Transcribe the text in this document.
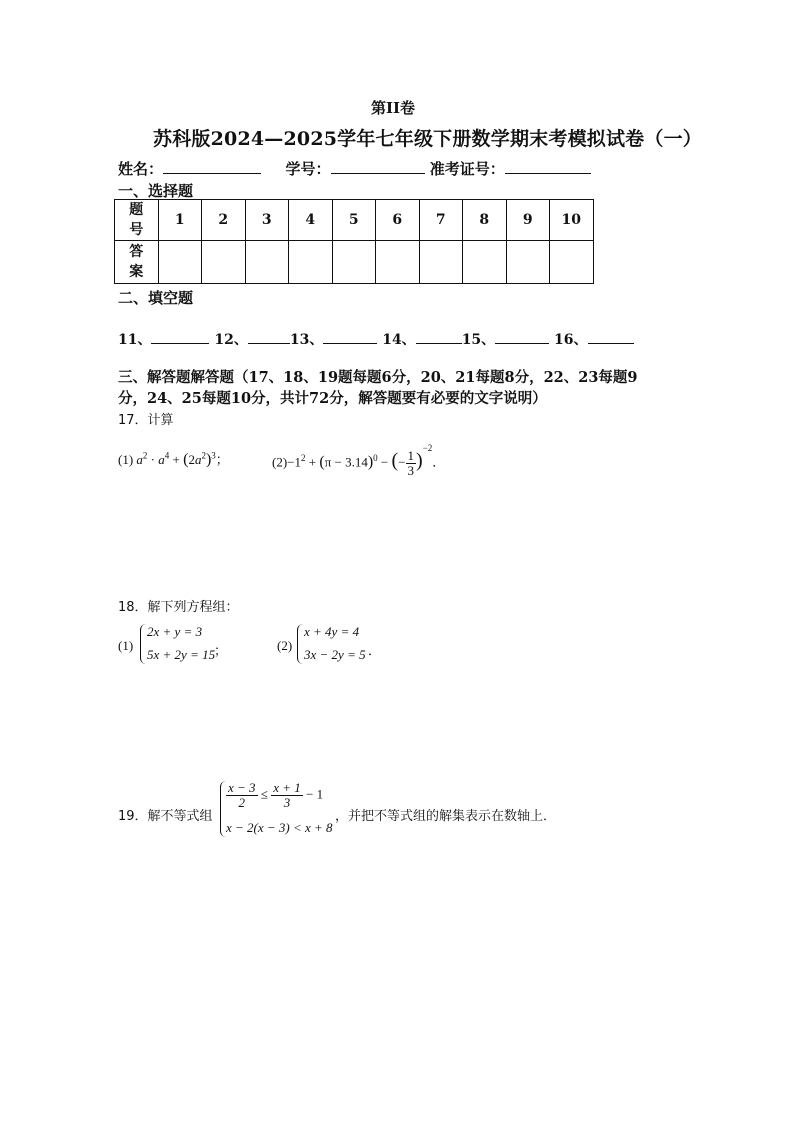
第II卷
苏科版2024—2025学年七年级下册数学期末考模拟试卷（一）
姓名：	学号：	准考证号：
一、选择题
题号	1	2	3	4	5	6	7	8	9	10
答案										
二、填空题
11、	12、	13、	14、	15、	16、
三、解答题解答题（17、18、19题每题6分，20、21每题8分，22、23每题9
分，24、25每题10分，共计72分，解答题要有必要的文字说明）
17．计算
(1) $a^2 \cdot a^4 + (2a^2)^3$；	$(2)-1^2 + (\pi - 3.14)^0$ − (− $\frac{1}{3} )^{-2}$．
18．解下列方程组：
(1)
2x + y = 3
5x + 2y = 15
；	(2)
x + 4y = 4
3x − 2y = 5 ．
19．解不等式组
$\frac{x - 3}{2} \le \frac{x + 1}{3} - 1$
x − 2(x − 3) < x + 8
，并把不等式组的解集表示在数轴上．
